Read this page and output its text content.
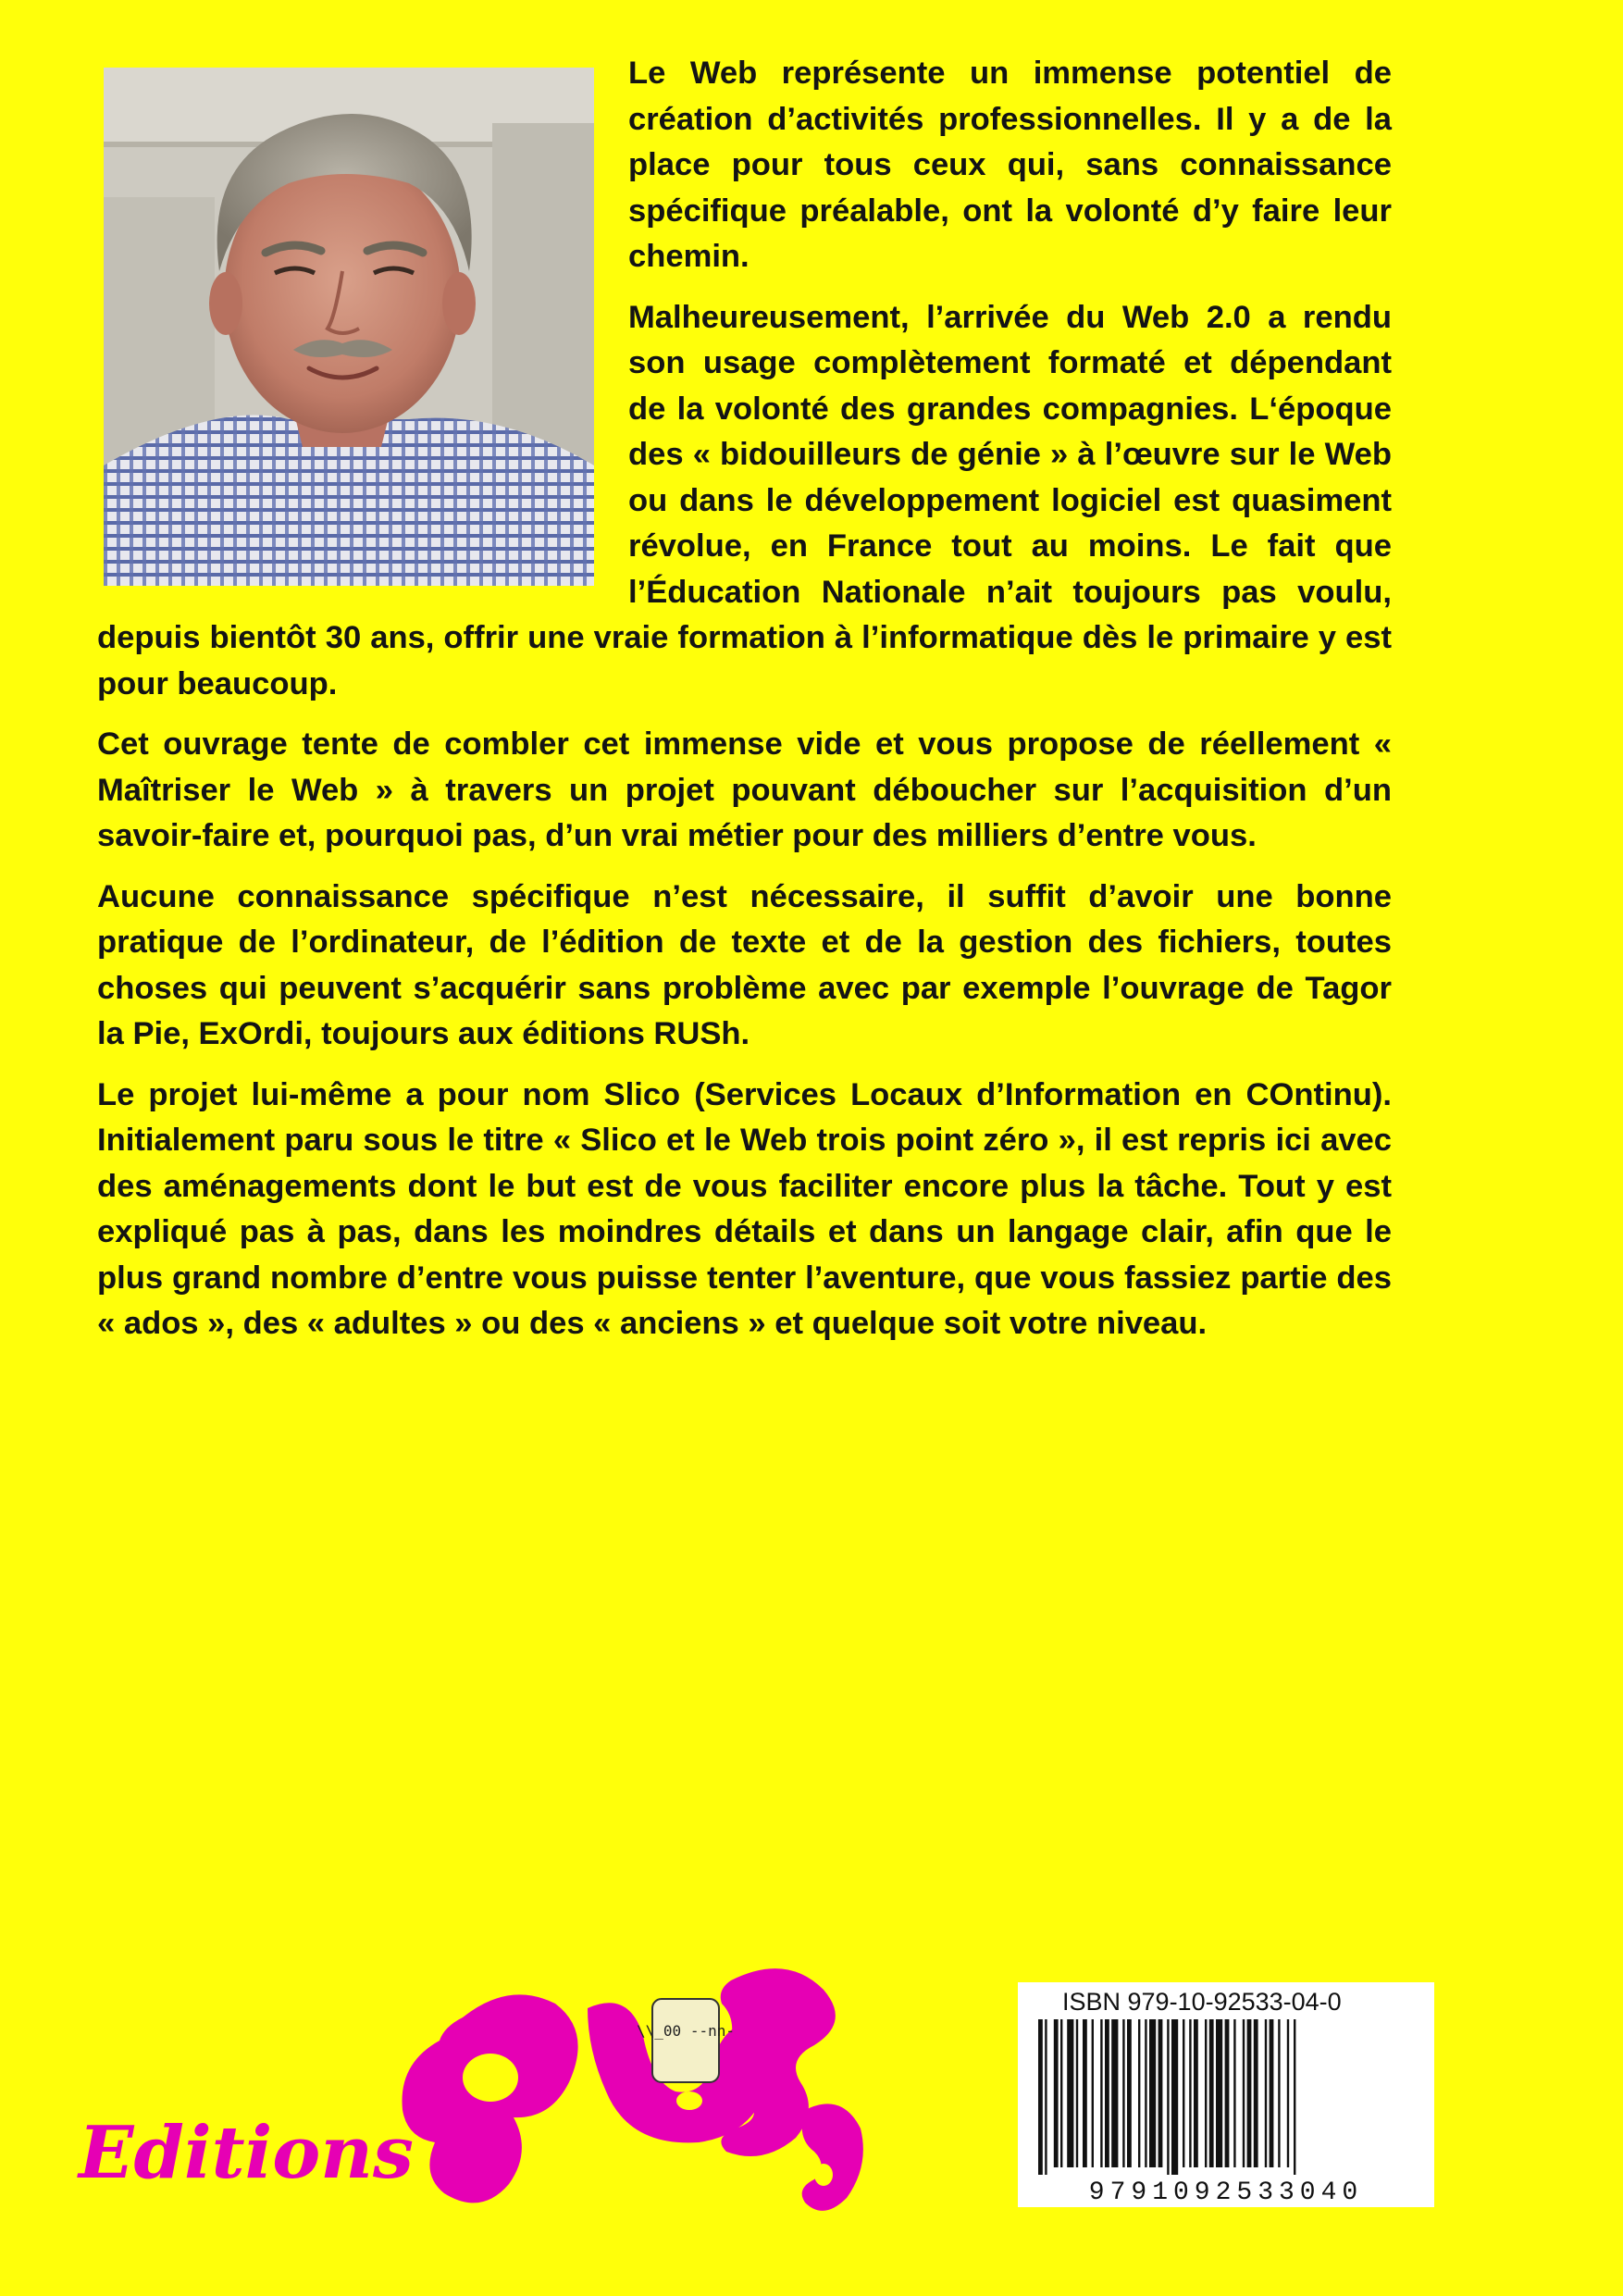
Le Web représente un immense potentiel de création d’activités professionnelles. Il y a de la place pour tous ceux qui, sans connaissance spécifique préalable, ont la volonté d’y faire leur chemin.

Malheureusement, l’arrivée du Web 2.0 a rendu son usage complètement formaté et dépendant de la volonté des grandes compagnies. L‘époque des « bidouilleurs de génie » à l’œuvre sur le Web ou dans le développement logiciel est quasiment révolue, en France tout au moins. Le fait que l’Éducation Nationale n’ait toujours pas voulu, depuis bientôt 30 ans, offrir une vraie formation à l’informatique dès le primaire y est pour beaucoup.

Cet ouvrage tente de combler cet immense vide et vous propose de réellement « Maîtriser le Web » à travers un projet pouvant déboucher sur l’acquisition d’un savoir-faire et, pourquoi pas, d’un vrai métier pour des milliers d’entre vous.

Aucune connaissance spécifique n’est nécessaire, il suffit d’avoir une bonne pratique de l’ordinateur, de l’édition de texte et de la gestion des fichiers, toutes choses qui peuvent s’acquérir sans problème avec par exemple l’ouvrage de Tagor la Pie, ExOrdi, toujours aux éditions RUSh.

Le projet lui-même a pour nom Slico (Services Locaux d’Information en COntinu). Initialement paru sous le titre « Slico et le Web trois point zéro », il est repris ici avec des aménagements dont le but est de vous faciliter encore plus la tâche. Tout y est expliqué pas à pas, dans les moindres détails et dans un langage clair, afin que le plus grand nombre d’entre vous puisse tenter l’aventure, que vous fassiez partie des « ados », des « adultes » ou des « anciens » et quelque soit votre niveau.

\\_00 --nn-
Editions
ISBN 979-10-92533-04-0
9791092533040
